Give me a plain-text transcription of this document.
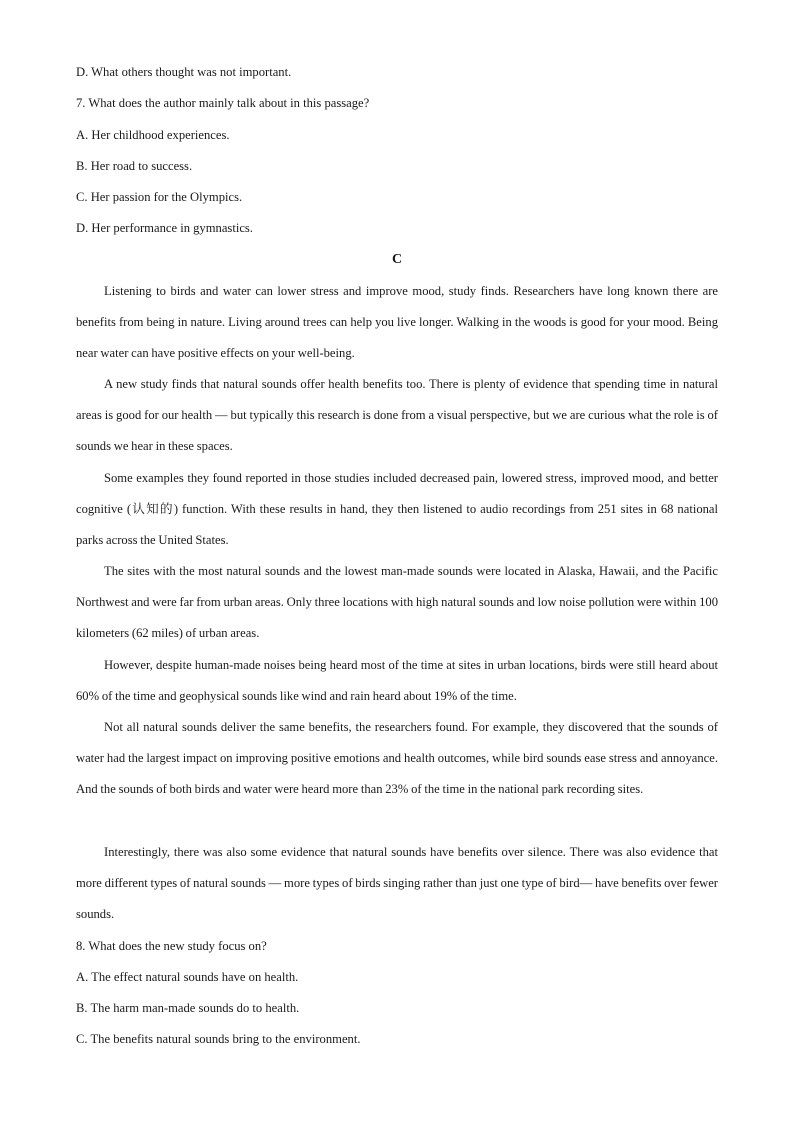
D. What others thought was not important.
7. What does the author mainly talk about in this passage?
A. Her childhood experiences.
B. Her road to success.
C. Her passion for the Olympics.
D. Her performance in gymnastics.
C
Listening to birds and water can lower stress and improve mood, study finds. Researchers have long known there are benefits from being in nature. Living around trees can help you live longer. Walking in the woods is good for your mood. Being near water can have positive effects on your well-being.
A new study finds that natural sounds offer health benefits too. There is plenty of evidence that spending time in natural areas is good for our health — but typically this research is done from a visual perspective, but we are curious what the role is of sounds we hear in these spaces.
Some examples they found reported in those studies included decreased pain, lowered stress, improved mood, and better cognitive (认知的) function. With these results in hand, they then listened to audio recordings from 251 sites in 68 national parks across the United States.
The sites with the most natural sounds and the lowest man-made sounds were located in Alaska, Hawaii, and the Pacific Northwest and were far from urban areas. Only three locations with high natural sounds and low noise pollution were within 100 kilometers (62 miles) of urban areas.
However, despite human-made noises being heard most of the time at sites in urban locations, birds were still heard about 60% of the time and geophysical sounds like wind and rain heard about 19% of the time.
Not all natural sounds deliver the same benefits, the researchers found. For example, they discovered that the sounds of water had the largest impact on improving positive emotions and health outcomes, while bird sounds ease stress and annoyance. And the sounds of both birds and water were heard more than 23% of the time in the national park recording sites.
Interestingly, there was also some evidence that natural sounds have benefits over silence. There was also evidence that more different types of natural sounds — more types of birds singing rather than just one type of bird— have benefits over fewer sounds.
8. What does the new study focus on?
A. The effect natural sounds have on health.
B. The harm man-made sounds do to health.
C. The benefits natural sounds bring to the environment.
